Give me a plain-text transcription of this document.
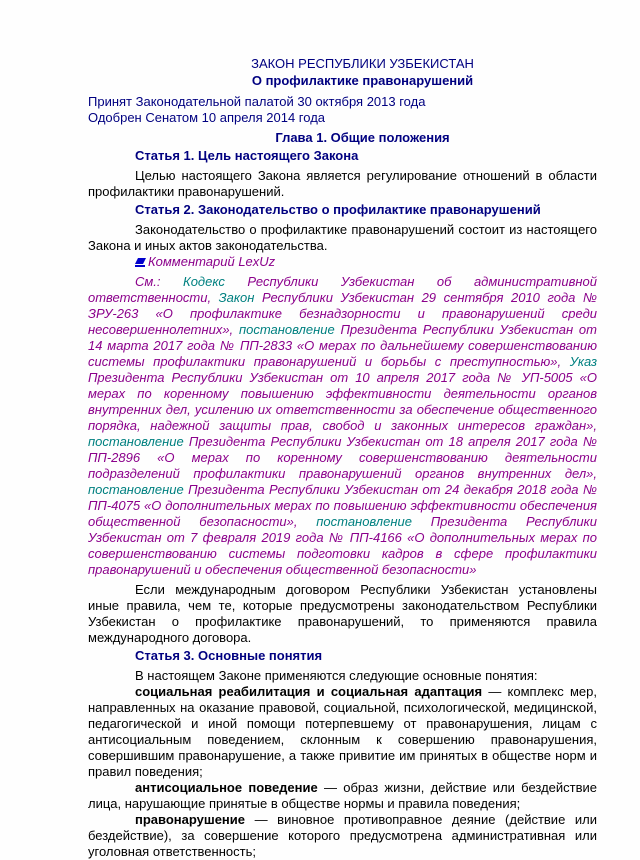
ЗАКОН РЕСПУБЛИКИ УЗБЕКИСТАН
О профилактике правонарушений
Принят Законодательной палатой 30 октября 2013 года
Одобрен Сенатом 10 апреля 2014 года
Глава 1. Общие положения
Статья 1. Цель настоящего Закона
Целью настоящего Закона является регулирование отношений в области профилактики правонарушений.
Статья 2. Законодательство о профилактике правонарушений
Законодательство о профилактике правонарушений состоит из настоящего Закона и иных актов законодательства.
Комментарий LexUz
См.: Кодекс Республики Узбекистан об административной ответственности, Закон Республики Узбекистан 29 сентября 2010 года № ЗРУ-263 «О профилактике безнадзорности и правонарушений среди несовершеннолетних», постановление Президента Республики Узбекистан от 14 марта 2017 года № ПП-2833 «О мерах по дальнейшему совершенствованию системы профилактики правонарушений и борьбы с преступностью», Указ Президента Республики Узбекистан от 10 апреля 2017 года № УП-5005 «О мерах по коренному повышению эффективности деятельности органов внутренних дел, усилению их ответственности за обеспечение общественного порядка, надежной защиты прав, свобод и законных интересов граждан», постановление Президента Республики Узбекистан от 18 апреля 2017 года № ПП-2896 «О мерах по коренному совершенствованию деятельности подразделений профилактики правонарушений органов внутренних дел», постановление Президента Республики Узбекистан от 24 декабря 2018 года № ПП-4075 «О дополнительных мерах по повышению эффективности обеспечения общественной безопасности», постановление Президента Республики Узбекистан от 7 февраля 2019 года № ПП-4166 «О дополнительных мерах по совершенствованию системы подготовки кадров в сфере профилактики правонарушений и обеспечения общественной безопасности»
Если международным договором Республики Узбекистан установлены иные правила, чем те, которые предусмотрены законодательством Республики Узбекистан о профилактике правонарушений, то применяются правила международного договора.
Статья 3. Основные понятия
В настоящем Законе применяются следующие основные понятия:
социальная реабилитация и социальная адаптация — комплекс мер, направленных на оказание правовой, социальной, психологической, медицинской, педагогической и иной помощи потерпевшему от правонарушения, лицам с антисоциальным поведением, склонным к совершению правонарушения, совершившим правонарушение, а также привитие им принятых в обществе норм и правил поведения;
антисоциальное поведение — образ жизни, действие или бездействие лица, нарушающие принятые в обществе нормы и правила поведения;
правонарушение — виновное противоправное деяние (действие или бездействие), за совершение которого предусмотрена административная или уголовная ответственность;
